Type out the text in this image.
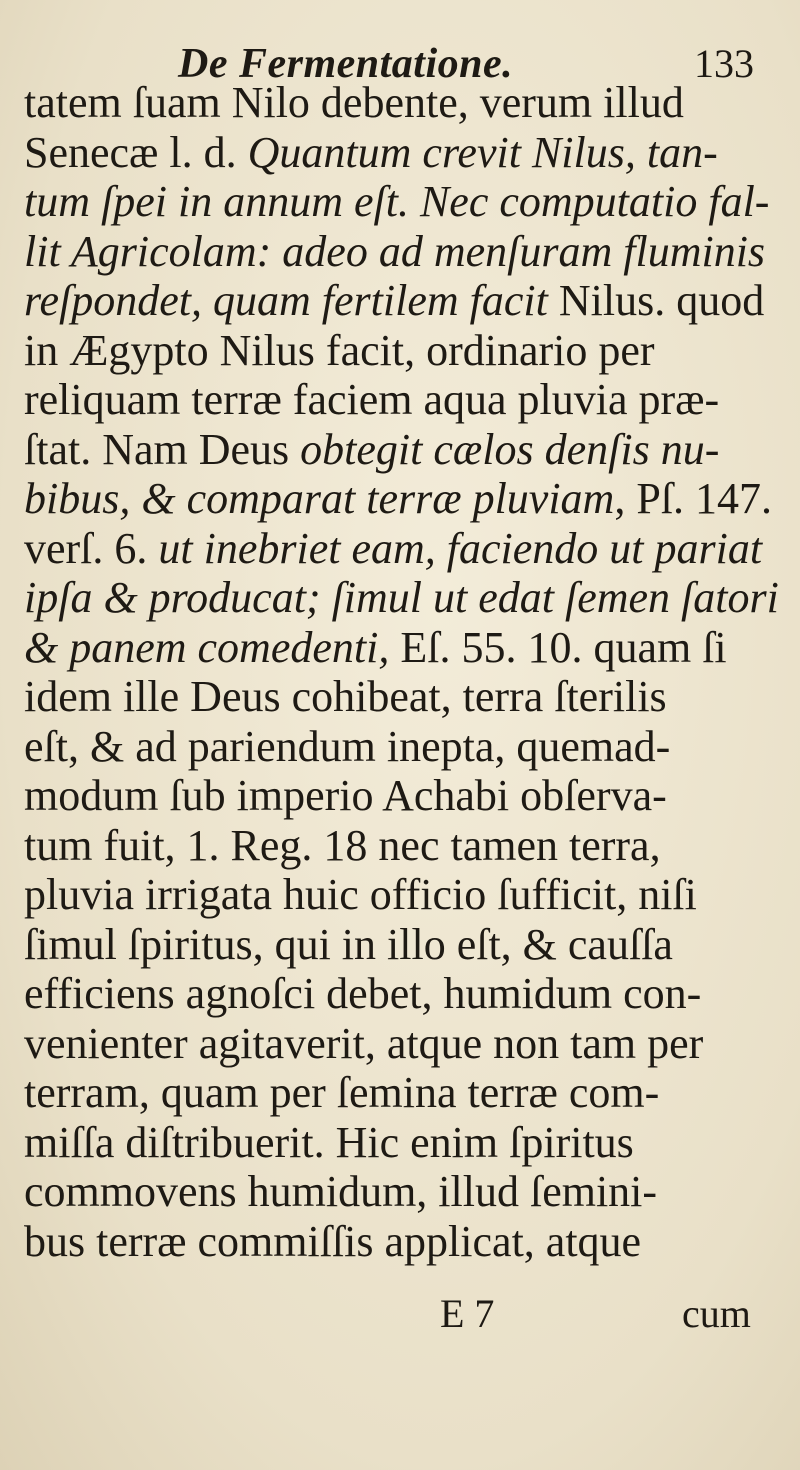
De Fermentatione.	133
tatem ſuam Nilo debente, verum illud
Senecæ l. d. Quantum crevit Nilus, tan-
tum ſpei in annum eſt. Nec computatio fal-
lit Agricolam: adeo ad menſuram fluminis
reſpondet, quam fertilem facit Nilus. quod
in Ægypto Nilus facit, ordinario per
reliquam terræ faciem aqua pluvia præ-
ſtat. Nam Deus obtegit cælos denſis nu-
bibus, & comparat terræ pluviam, Pſ. 147.
verſ. 6. ut inebriet eam, faciendo ut pariat
ipſa & producat; ſimul ut edat ſemen ſatori
& panem comedenti, Eſ. 55. 10. quam ſi
idem ille Deus cohibeat, terra ſterilis
eſt, & ad pariendum inepta, quemad-
modum ſub imperio Achabi obſerva-
tum fuit, 1. Reg. 18 nec tamen terra,
pluvia irrigata huic officio ſufficit, niſi
ſimul ſpiritus, qui in illo eſt, & cauſſa
efficiens agnoſci debet, humidum con-
venienter agitaverit, atque non tam per
terram, quam per ſemina terræ com-
miſſa diſtribuerit. Hic enim ſpiritus
commovens humidum, illud ſemini-
bus terræ commiſſis applicat, atque
E 7	cum
